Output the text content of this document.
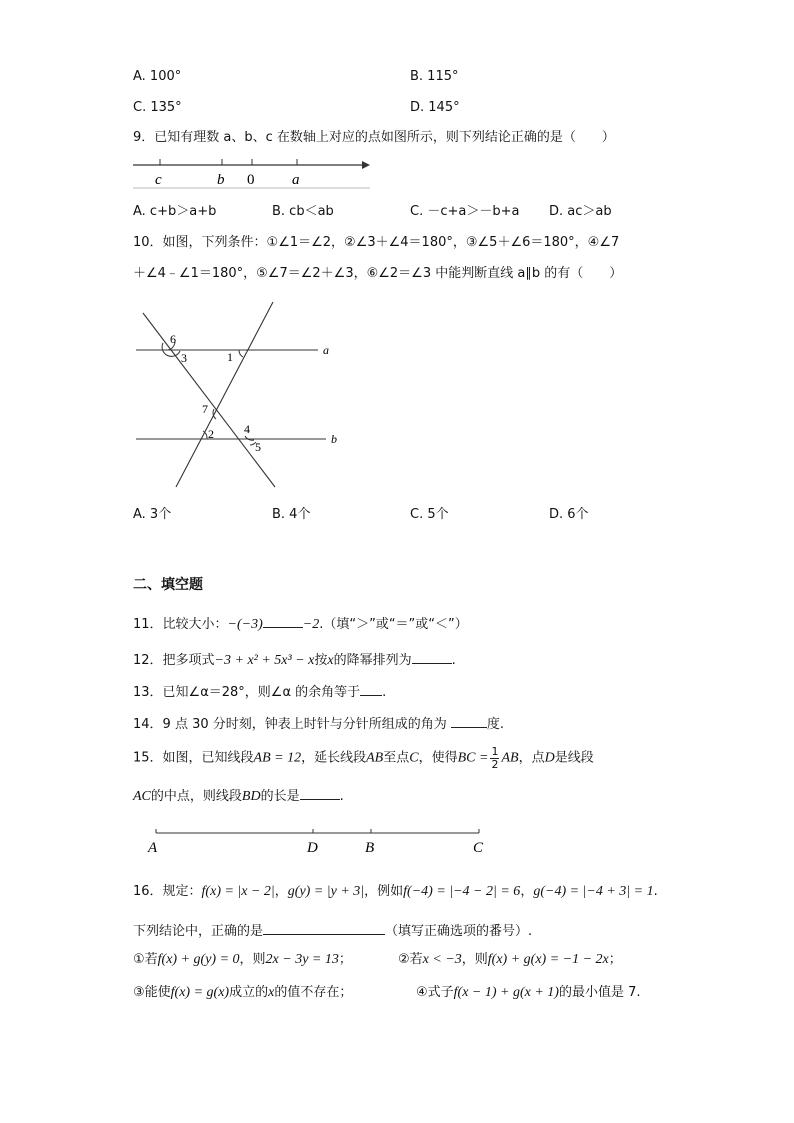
A. 100°	B. 115°
C. 135°	D. 145°
9．已知有理数 a、b、c 在数轴上对应的点如图所示，则下列结论正确的是（　　）
c	b 0	a
A. c+b＞a+b	B. cb＜ab	C. －c+a＞－b+a D. ac＞ab
10．如图，下列条件：①∠1＝∠2，②∠3＋∠4＝180°，③∠5＋∠6＝180°，④∠7
＋∠4﹣∠1＝180°，⑤∠7＝∠2＋∠3，⑥∠2＝∠3 中能判断直线 a∥b 的有（　　）
6
3	1
7
2	4
5
a
b
A. 3个	B. 4个	C. 5个	D. 6个
二、填空题
11．比较大小：−(−3)	−2.（填“＞”或“＝”或“＜”）
12．把多项式−3 + x² + 5x³ − x按x的降幂排列为	.
13．已知∠α＝28°，则∠α 的余角等于 .
14．9 点 30 分时刻，钟表上时针与分针所组成的角为	度.
15．如图，已知线段AB = 12，延长线段AB至点C，使得BC = $\frac{1}{2}$ AB，点D是线段
AC的中点，则线段BD的长是	.
A	D	B	C
16．规定：f(x) = |x − 2|，g(y) = |y + 3|，例如f(−4) = |−4 − 2| = 6，g(−4) = |−4 + 3| = 1.
下列结论中，正确的是	（填写正确选项的番号）.
①若f(x) + g(y) = 0，则2x − 3y = 13；	②若x < −3，则f(x) + g(x) = −1 − 2x；
③能使f(x) = g(x)成立的x的值不存在；	④式子f(x − 1) + g(x + 1)的最小值是 7.
